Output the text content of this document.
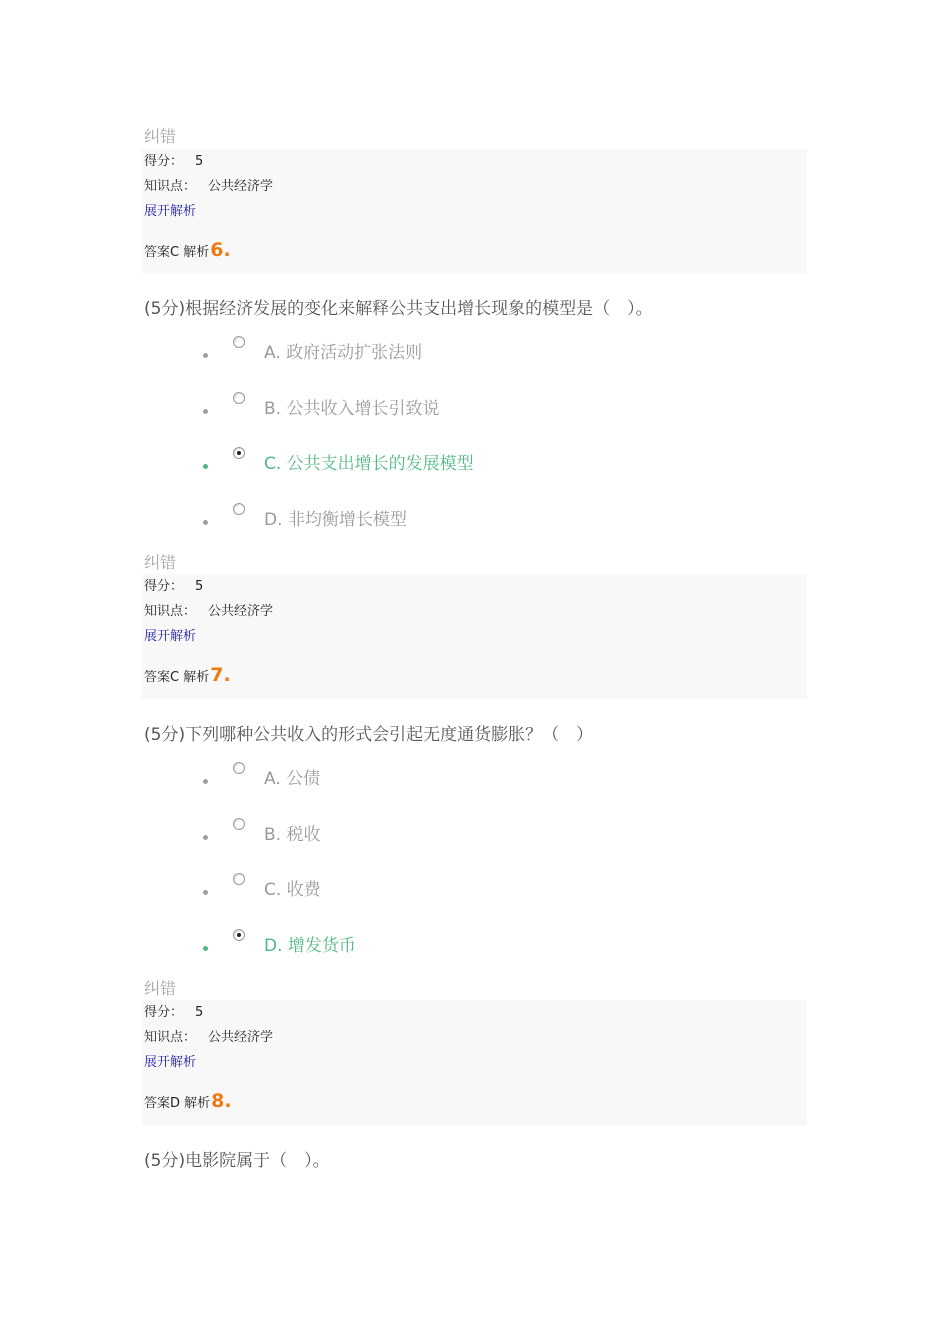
纠错
得分： 5
知识点： 公共经济学
展开解析
答案C 解析6.
(5分)根据经济发展的变化来解释公共支出增长现象的模型是（　）。
A. 政府活动扩张法则
B. 公共收入增长引致说
C. 公共支出增长的发展模型
D. 非均衡增长模型
纠错
得分： 5
知识点： 公共经济学
展开解析
答案C 解析7.
(5分)下列哪种公共收入的形式会引起无度通货膨胀？（　）
A. 公债
B. 税收
C. 收费
D. 增发货币
纠错
得分： 5
知识点： 公共经济学
展开解析
答案D 解析8.
(5分)电影院属于（　）。
